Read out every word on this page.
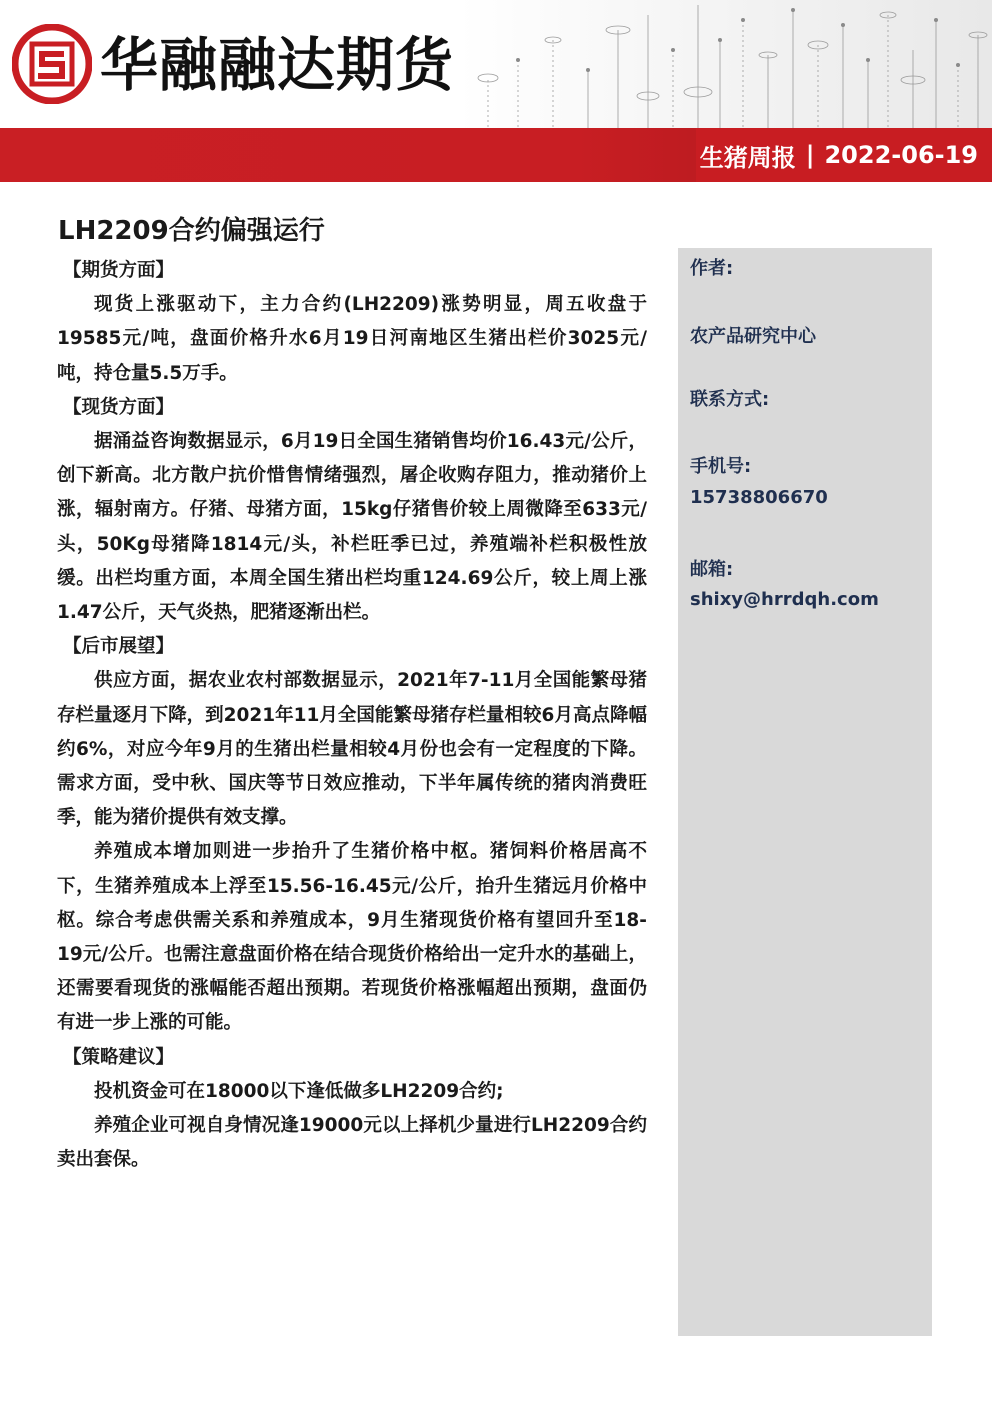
华融融达期货
生猪周报 | 2022-06-19
LH2209合约偏强运行
【期货方面】
现货上涨驱动下，主力合约(LH2209)涨势明显，周五收盘于19585元/吨，盘面价格升水6月19日河南地区生猪出栏价3025元/吨，持仓量5.5万手。
【现货方面】
据涌益咨询数据显示，6月19日全国生猪销售均价16.43元/公斤，创下新高。北方散户抗价惜售情绪强烈，屠企收购存阻力，推动猪价上涨，辐射南方。仔猪、母猪方面，15kg仔猪售价较上周微降至633元/头，50Kg母猪降1814元/头，补栏旺季已过，养殖端补栏积极性放缓。出栏均重方面，本周全国生猪出栏均重124.69公斤，较上周上涨1.47公斤，天气炎热，肥猪逐渐出栏。
【后市展望】
供应方面，据农业农村部数据显示，2021年7-11月全国能繁母猪存栏量逐月下降，到2021年11月全国能繁母猪存栏量相较6月高点降幅约6%，对应今年9月的生猪出栏量相较4月份也会有一定程度的下降。需求方面，受中秋、国庆等节日效应推动，下半年属传统的猪肉消费旺季，能为猪价提供有效支撑。
养殖成本增加则进一步抬升了生猪价格中枢。猪饲料价格居高不下，生猪养殖成本上浮至15.56-16.45元/公斤，抬升生猪远月价格中枢。综合考虑供需关系和养殖成本，9月生猪现货价格有望回升至18-19元/公斤。也需注意盘面价格在结合现货价格给出一定升水的基础上，还需要看现货的涨幅能否超出预期。若现货价格涨幅超出预期，盘面仍有进一步上涨的可能。
【策略建议】
投机资金可在18000以下逢低做多LH2209合约;
养殖企业可视自身情况逢19000元以上择机少量进行LH2209合约卖出套保。
作者:
农产品研究中心
联系方式:
手机号:
15738806670
邮箱:
shixy@hrrdqh.com
